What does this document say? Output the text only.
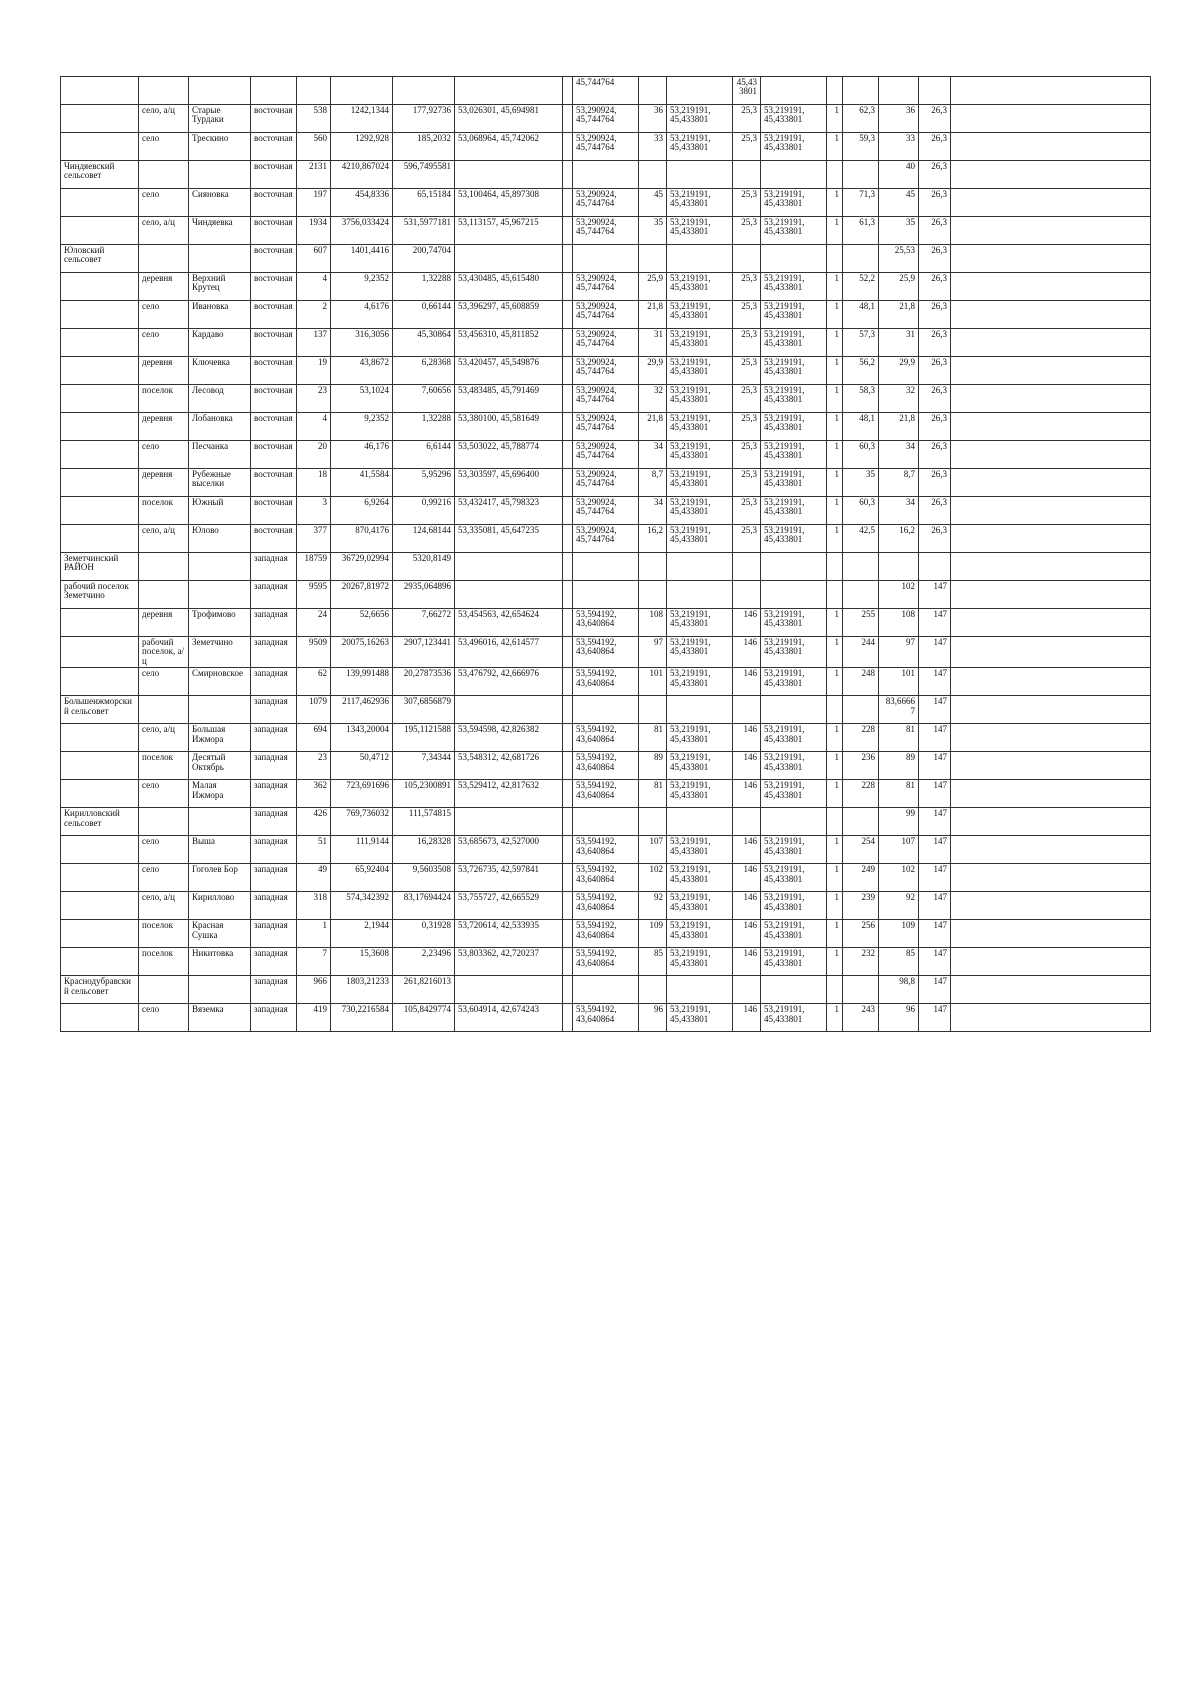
									45,744764			45,433801						
	село, а/ц	Старые Турдаки	восточная	538	1242,1344	177,92736	53,026301, 45,694981		53,290924, 45,744764	36	53,219191, 45,433801	25,3	53,219191, 45,433801	1	62,3	36	26,3	
	село	Трескино	восточная	560	1292,928	185,2032	53,068964, 45,742062		53,290924, 45,744764	33	53,219191, 45,433801	25,3	53,219191, 45,433801	1	59,3	33	26,3	
Чиндяевский сельсовет			восточная	2131	4210,867024	596,7495581										40	26,3	
	село	Сияновка	восточная	197	454,8336	65,15184	53,100464, 45,897308		53,290924, 45,744764	45	53,219191, 45,433801	25,3	53,219191, 45,433801	1	71,3	45	26,3	
	село, а/ц	Чиндяевка	восточная	1934	3756,033424	531,5977181	53,113157, 45,967215		53,290924, 45,744764	35	53,219191, 45,433801	25,3	53,219191, 45,433801	1	61,3	35	26,3	
Юловский сельсовет			восточная	607	1401,4416	200,74704										25,53	26,3	
	деревня	Верхний Крутец	восточная	4	9,2352	1,32288	53,430485, 45,615480		53,290924, 45,744764	25,9	53,219191, 45,433801	25,3	53,219191, 45,433801	1	52,2	25,9	26,3	
	село	Ивановка	восточная	2	4,6176	0,66144	53,396297, 45,608859		53,290924, 45,744764	21,8	53,219191, 45,433801	25,3	53,219191, 45,433801	1	48,1	21,8	26,3	
	село	Кардаво	восточная	137	316,3056	45,30864	53,456310, 45,811852		53,290924, 45,744764	31	53,219191, 45,433801	25,3	53,219191, 45,433801	1	57,3	31	26,3	
	деревня	Ключевка	восточная	19	43,8672	6,28368	53,420457, 45,549876		53,290924, 45,744764	29,9	53,219191, 45,433801	25,3	53,219191, 45,433801	1	56,2	29,9	26,3	
	поселок	Лесовод	восточная	23	53,1024	7,60656	53,483485, 45,791469		53,290924, 45,744764	32	53,219191, 45,433801	25,3	53,219191, 45,433801	1	58,3	32	26,3	
	деревня	Лобановка	восточная	4	9,2352	1,32288	53,380100, 45,581649		53,290924, 45,744764	21,8	53,219191, 45,433801	25,3	53,219191, 45,433801	1	48,1	21,8	26,3	
	село	Песчанка	восточная	20	46,176	6,6144	53,503022, 45,788774		53,290924, 45,744764	34	53,219191, 45,433801	25,3	53,219191, 45,433801	1	60,3	34	26,3	
	деревня	Рубежные выселки	восточная	18	41,5584	5,95296	53,303597, 45,696400		53,290924, 45,744764	8,7	53,219191, 45,433801	25,3	53,219191, 45,433801	1	35	8,7	26,3	
	поселок	Южный	восточная	3	6,9264	0,99216	53,432417, 45,798323		53,290924, 45,744764	34	53,219191, 45,433801	25,3	53,219191, 45,433801	1	60,3	34	26,3	
	село, а/ц	Юлово	восточная	377	870,4176	124,68144	53,335081, 45,647235		53,290924, 45,744764	16,2	53,219191, 45,433801	25,3	53,219191, 45,433801	1	42,5	16,2	26,3	
Земетчинский РАЙОН			западная	18759	36729,02994	5320,8149												
рабочий поселок Земетчино			западная	9595	20267,81972	2935,064896										102	147	
	деревня	Трофимово	западная	24	52,6656	7,66272	53,454563, 42,654624		53,594192, 43,640864	108	53,219191, 45,433801	146	53,219191, 45,433801	1	255	108	147	
	рабочий поселок, а/ц	Земетчино	западная	9509	20075,16263	2907,123441	53,496016, 42,614577		53,594192, 43,640864	97	53,219191, 45,433801	146	53,219191, 45,433801	1	244	97	147	
	село	Смирновское	западная	62	139,991488	20,27873536	53,476792, 42,666976		53,594192, 43,640864	101	53,219191, 45,433801	146	53,219191, 45,433801	1	248	101	147	
Большеижморский сельсовет			западная	1079	2117,462936	307,6856879										83,66667	147	
	село, а/ц	Большая Ижмора	западная	694	1343,20004	195,1121588	53,594598, 42,826382		53,594192, 43,640864	81	53,219191, 45,433801	146	53,219191, 45,433801	1	228	81	147	
	поселок	Десятый Октябрь	западная	23	50,4712	7,34344	53,548312, 42,681726		53,594192, 43,640864	89	53,219191, 45,433801	146	53,219191, 45,433801	1	236	89	147	
	село	Малая Ижмора	западная	362	723,691696	105,2300891	53,529412, 42,817632		53,594192, 43,640864	81	53,219191, 45,433801	146	53,219191, 45,433801	1	228	81	147	
Кирилловский сельсовет			западная	426	769,736032	111,574815										99	147	
	село	Выша	западная	51	111,9144	16,28328	53,685673, 42,527000		53,594192, 43,640864	107	53,219191, 45,433801	146	53,219191, 45,433801	1	254	107	147	
	село	Гоголев Бор	западная	49	65,92404	9,5603508	53,726735, 42,597841		53,594192, 43,640864	102	53,219191, 45,433801	146	53,219191, 45,433801	1	249	102	147	
	село, а/ц	Кириллово	западная	318	574,342392	83,17694424	53,755727, 42,665529		53,594192, 43,640864	92	53,219191, 45,433801	146	53,219191, 45,433801	1	239	92	147	
	поселок	Красная Сушка	западная	1	2,1944	0,31928	53,720614, 42,533935		53,594192, 43,640864	109	53,219191, 45,433801	146	53,219191, 45,433801	1	256	109	147	
	поселок	Никитовка	западная	7	15,3608	2,23496	53,803362, 42,720237		53,594192, 43,640864	85	53,219191, 45,433801	146	53,219191, 45,433801	1	232	85	147	
Краснодубравский сельсовет			западная	966	1803,21233	261,8216013										98,8	147	
	село	Вяземка	западная	419	730,2216584	105,8429774	53,604914, 42,674243		53,594192, 43,640864	96	53,219191, 45,433801	146	53,219191, 45,433801	1	243	96	147	
